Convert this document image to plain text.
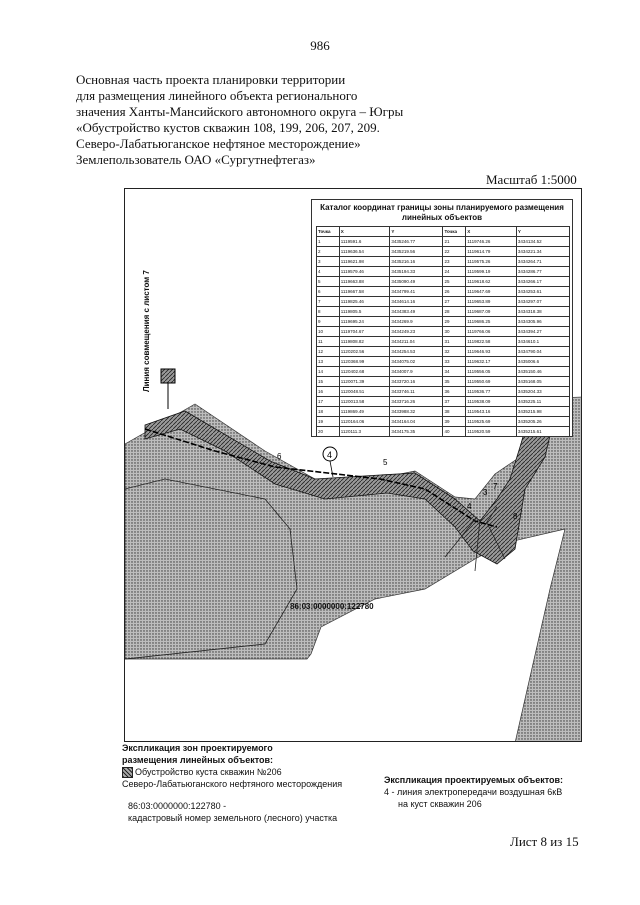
986
Основная часть проекта планировки территории
для размещения линейного объекта регионального
значения Ханты-Мансийского автономного округа – Югры
«Обустройство кустов скважин 108, 199, 206, 207, 209.
Северо-Лабатьюганское нефтяное месторождение»
Землепользователь ОАО «Сургутнефтегаз»
Масштаб 1:5000
4
6
5
4
3
7
8
Каталог координат границы зоны планируемого размещения
линейных объектов
Точка	X	Y	Точка	X	Y
1	1119591.6	3435246.77	21	1119746.26	3434134.52
2	1119636.54	3435219.56	22	1119614.79	3434221.34
3	1119621.98	3435216.16	23	1119575.26	3434264.71
4	1119579.46	3435194.33	24	1119599.19	3434286.77
5	1119663.88	3435090.49	25	1119618.62	3434266.17
6	1119667.58	3434799.41	26	1119647.69	3434253.61
7	1119825.46	3434614.16	27	1119653.89	3434297.07
8	1119805.5	3434383.49	28	1119687.09	3434318.38
9	1119695.24	3434269.9	29	1119686.25	3434305.96
10	1119704.67	3434249.23	30	1119766.06	3434394.27
11	1119808.82	3434211.04	31	1119822.58	3434610.1
12	1120202.56	3434254.53	32	1119646.93	3434790.04
13	1120368.99	3434075.02	33	1119632.17	3435006.6
14	1120402.68	3434007.9	34	1119556.05	3435150.46
15	1120071.39	3433720.16	35	1119550.69	3435168.05
16	1120048.51	3433746.11	36	1119536.77	3435204.33
17	1120013.58	3433716.26	37	1119538.09	3435225.11
18	1119869.49	3433988.32	38	1119543.16	3435215.98
19	1120164.06	3434164.04	39	1119525.69	3435205.26
20	1120111.3	3434175.35	40	1119520.59	3435215.61
Линия совмещения с листом 7
86:03:0000000:122780
Экспликация зон проектируемого
размещения линейных объектов:
Обустройство куста скважин №206
Северо-Лабатьюганского нефтяного месторождения
86:03:0000000:122780 -
кадастровый номер земельного (лесного) участка
Экспликация проектируемых объектов:
4 - линия электропередачи воздушная 6кВ
на куст скважин 206
Лист 8 из 15
